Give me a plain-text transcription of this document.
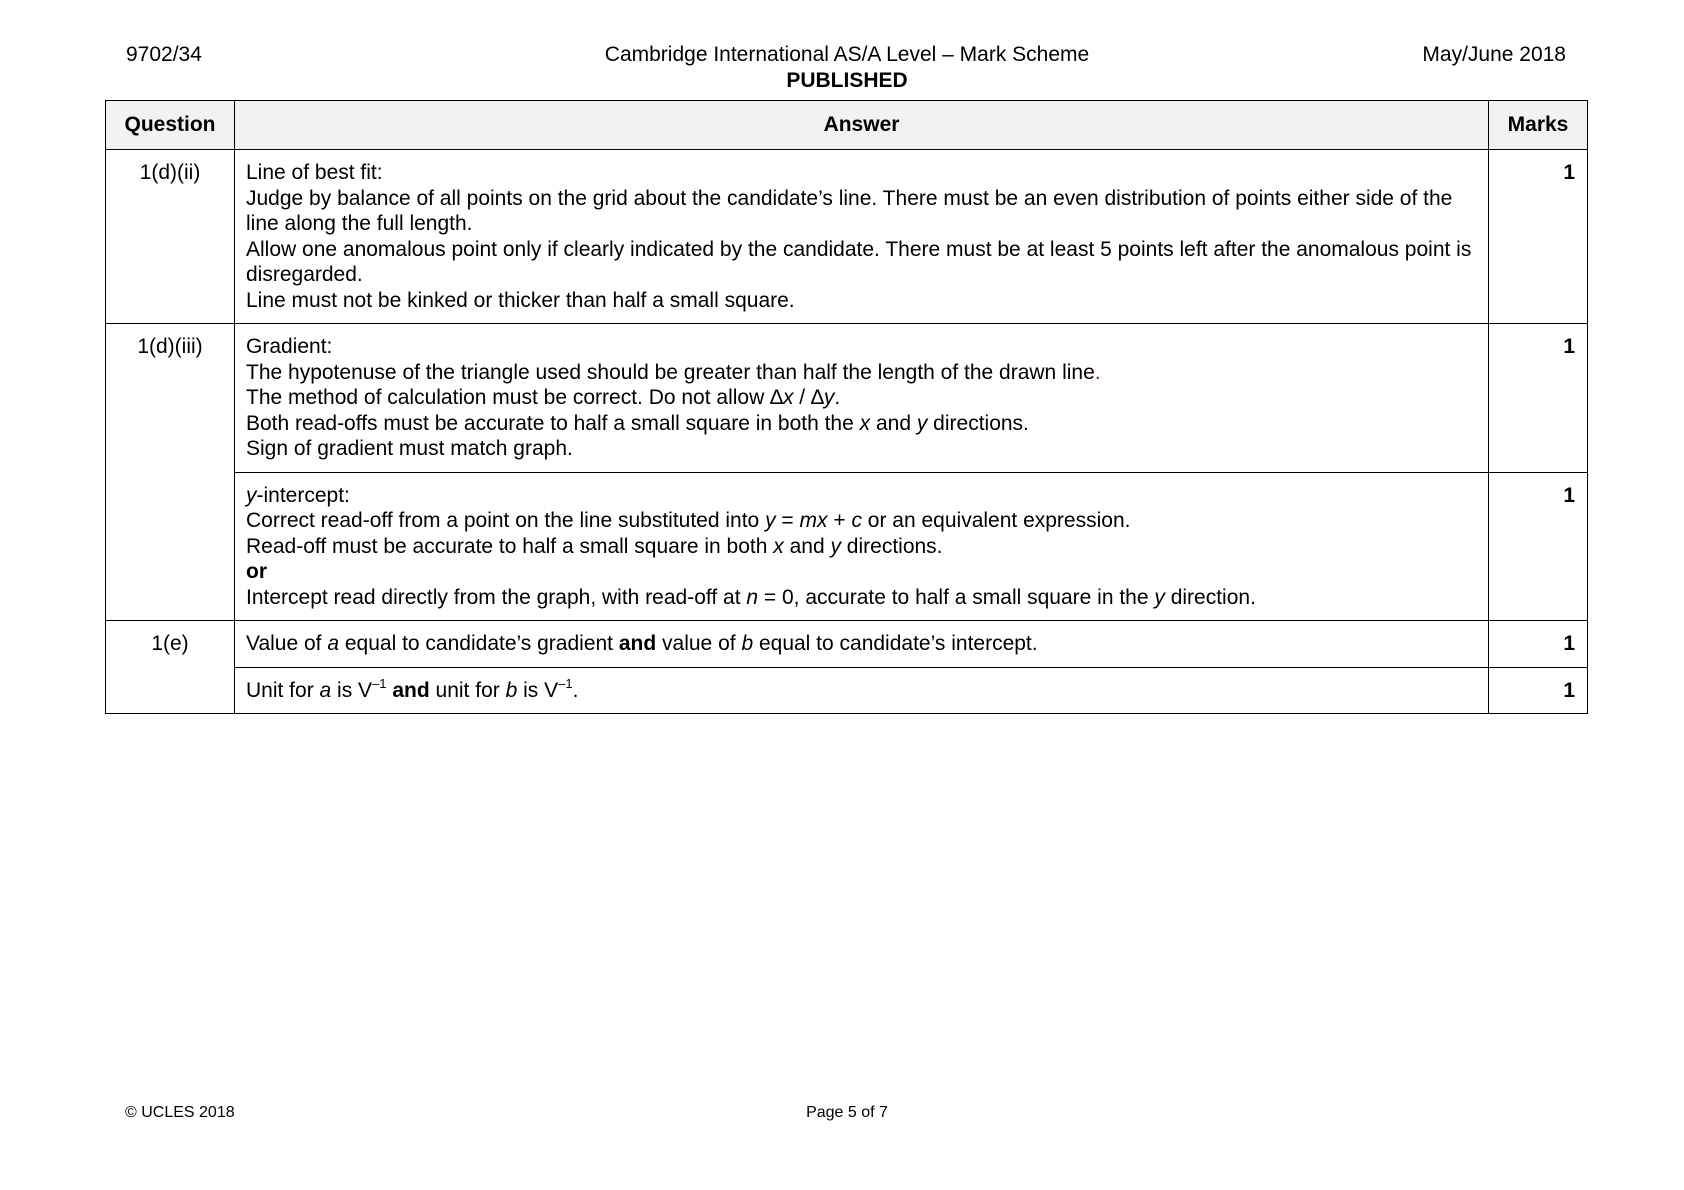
9702/34	Cambridge International AS/A Level – Mark Scheme
PUBLISHED
May/June 2018
Question	Answer	Marks
1(d)(ii)	Line of best fit:
Judge by balance of all points on the grid about the candidate’s line. There must be an even distribution of points either side of the line along the full length.
Allow one anomalous point only if clearly indicated by the candidate. There must be at least 5 points left after the anomalous point is disregarded.
Line must not be kinked or thicker than half a small square.	1
1(d)(iii)	Gradient:
The hypotenuse of the triangle used should be greater than half the length of the drawn line.
The method of calculation must be correct. Do not allow ∆x / ∆y.
Both read-offs must be accurate to half a small square in both the x and y directions.
Sign of gradient must match graph.	1

	y-intercept:
Correct read-off from a point on the line substituted into y = mx + c or an equivalent expression.
Read-off must be accurate to half a small square in both x and y directions.
or
Intercept read directly from the graph, with read-off at n = 0, accurate to half a small square in the y direction.	1
1(e)	Value of a equal to candidate’s gradient and value of b equal to candidate’s intercept.	1

	Unit for a is $V^{-1}$ and unit for b is $V^{-1}$.	1
© UCLES 2018	Page 5 of 7
